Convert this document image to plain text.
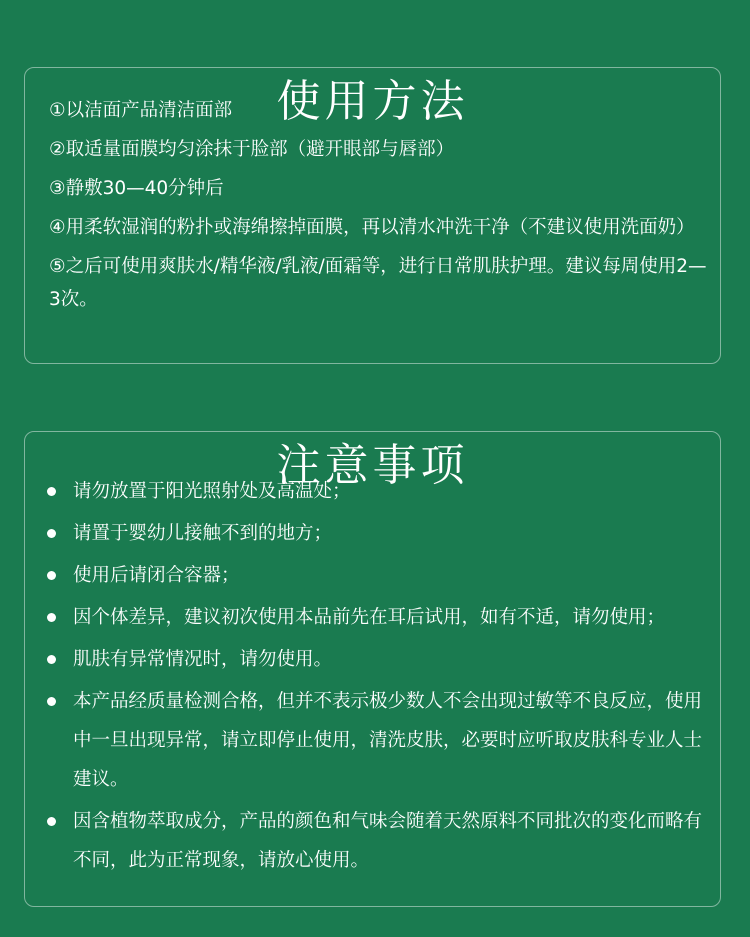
使用方法
①以洁面产品清洁面部
②取适量面膜均匀涂抹于脸部（避开眼部与唇部）
③静敷30—40分钟后
④用柔软湿润的粉扑或海绵擦掉面膜，再以清水冲洗干净（不建议使用洗面奶）
⑤之后可使用爽肤水/精华液/乳液/面霜等，进行日常肌肤护理。建议每周使用2—3次。
注意事项
请勿放置于阳光照射处及高温处；
请置于婴幼儿接触不到的地方；
使用后请闭合容器；
因个体差异，建议初次使用本品前先在耳后试用，如有不适，请勿使用；
肌肤有异常情况时，请勿使用。
本产品经质量检测合格，但并不表示极少数人不会出现过敏等不良反应，使用中一旦出现异常，请立即停止使用，清洗皮肤，必要时应听取皮肤科专业人士建议。
因含植物萃取成分，产品的颜色和气味会随着天然原料不同批次的变化而略有不同，此为正常现象，请放心使用。
